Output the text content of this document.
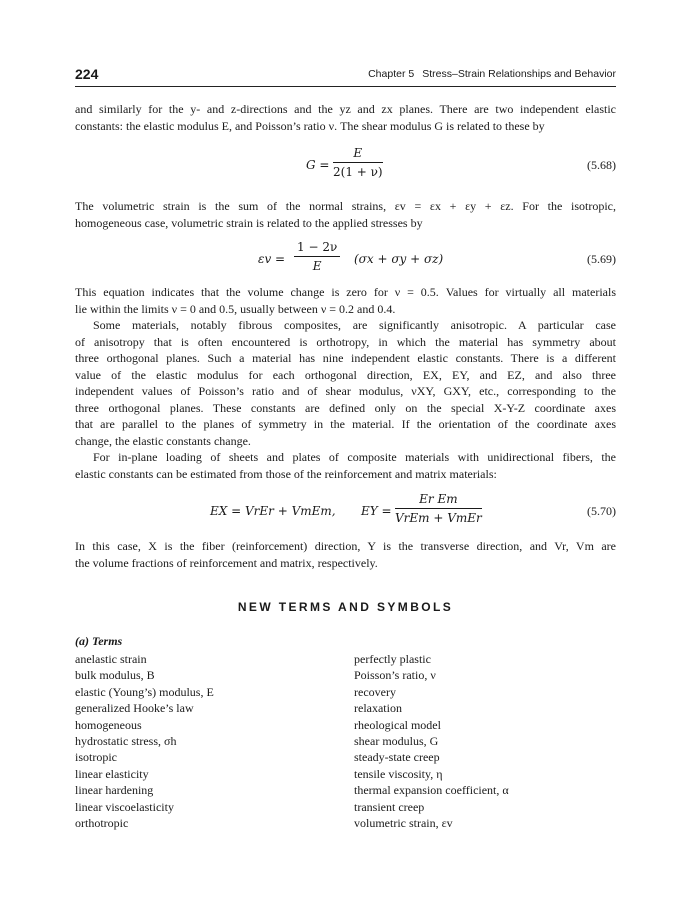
224	Chapter 5 Stress–Strain Relationships and Behavior

and similarly for the y- and z-directions and the yz and zx planes. There are two independent elastic
constants: the elastic modulus E, and Poisson’s ratio ν. The shear modulus G is related to these by

$G = \frac{E}{2(1 + \nu)}$	(5.68)

The volumetric strain is the sum of the normal strains, εv = εx + εy + εz. For the isotropic,
homogeneous case, volumetric strain is related to the applied stresses by

$\varepsilon v = \frac{1 - 2\nu}{E} (\sigma x + \sigma y + \sigma z)$	(5.69)

This equation indicates that the volume change is zero for ν = 0.5. Values for virtually all materials
lie within the limits ν = 0 and 0.5, usually between ν = 0.2 and 0.4.

Some materials, notably fibrous composites, are significantly anisotropic. A particular case
of anisotropy that is often encountered is orthotropy, in which the material has symmetry about
three orthogonal planes. Such a material has nine independent elastic constants. There is a different
value of the elastic modulus for each orthogonal direction, EX, EY, and EZ, and also three
independent values of Poisson’s ratio and of shear modulus, νXY, GXY, etc., corresponding to the
three orthogonal planes. These constants are defined only on the special X-Y-Z coordinate axes
that are parallel to the planes of symmetry in the material. If the orientation of the coordinate axes
change, the elastic constants change.

For in-plane loading of sheets and plates of composite materials with unidirectional fibers, the
elastic constants can be estimated from those of the reinforcement and matrix materials:

EX = VrEr + VmEm, EY =
Er Em
VrEm + VmEr	(5.70)

In this case, X is the fiber (reinforcement) direction, Y is the transverse direction, and Vr, Vm are
the volume fractions of reinforcement and matrix, respectively.

NEW TERMS AND SYMBOLS
(a) Terms
anelastic strain
bulk modulus, B
elastic (Young’s) modulus, E
generalized Hooke’s law
homogeneous
hydrostatic stress, σh
isotropic
linear elasticity
linear hardening
linear viscoelasticity
orthotropic
perfectly plastic
Poisson’s ratio, ν
recovery
relaxation
rheological model
shear modulus, G
steady-state creep
tensile viscosity, η
thermal expansion coefficient, α
transient creep
volumetric strain, εv
